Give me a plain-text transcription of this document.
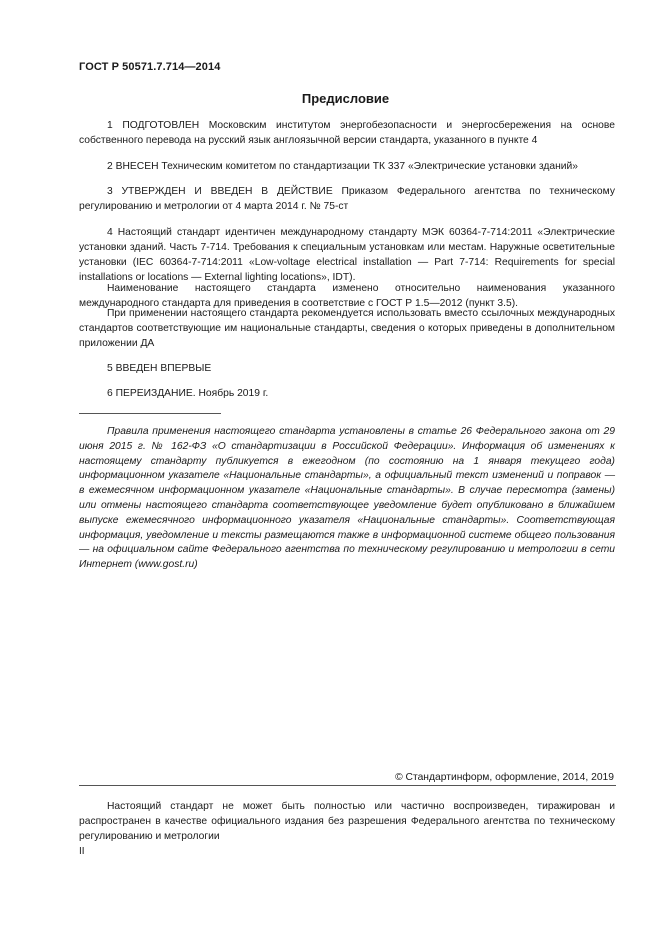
ГОСТ Р 50571.7.714—2014
Предисловие

1 ПОДГОТОВЛЕН Московским институтом энергобезопасности и энергосбережения на основе собственного перевода на русский язык англоязычной версии стандарта, указанного в пункте 4

2 ВНЕСЕН Техническим комитетом по стандартизации ТК 337 «Электрические установки зданий»

3 УТВЕРЖДЕН И ВВЕДЕН В ДЕЙСТВИЕ Приказом Федерального агентства по техническому регулированию и метрологии от 4 марта 2014 г. № 75-ст

4 Настоящий стандарт идентичен международному стандарту МЭК 60364-7-714:2011 «Электрические установки зданий. Часть 7-714. Требования к специальным установкам или местам. Наружные осветительные установки (IEC 60364-7-714:2011 «Low-voltage electrical installation — Part 7-714: Requirements for special installations or locations — External lighting locations», IDT).

Наименование настоящего стандарта изменено относительно наименования указанного международного стандарта для приведения в соответствие с ГОСТ Р 1.5—2012 (пункт 3.5).

При применении настоящего стандарта рекомендуется использовать вместо ссылочных международных стандартов соответствующие им национальные стандарты, сведения о которых приведены в дополнительном приложении ДА

5 ВВЕДЕН ВПЕРВЫЕ

6 ПЕРЕИЗДАНИЕ. Ноябрь 2019 г.

Правила применения настоящего стандарта установлены в статье 26 Федерального закона от 29 июня 2015 г. № 162-ФЗ «О стандартизации в Российской Федерации». Информация об изменениях к настоящему стандарту публикуется в ежегодном (по состоянию на 1 января текущего года) информационном указателе «Национальные стандарты», а официальный текст изменений и поправок — в ежемесячном информационном указателе «Национальные стандарты». В случае пересмотра (замены) или отмены настоящего стандарта соответствующее уведомление будет опубликовано в ближайшем выпуске ежемесячного информационного указателя «Национальные стандарты». Соответствующая информация, уведомление и тексты размещаются также в информационной системе общего пользования — на официальном сайте Федерального агентства по техническому регулированию и метрологии в сети Интернет (www.gost.ru)

© Стандартинформ, оформление, 2014, 2019

Настоящий стандарт не может быть полностью или частично воспроизведен, тиражирован и распространен в качестве официального издания без разрешения Федерального агентства по техническому регулированию и метрологии

II
